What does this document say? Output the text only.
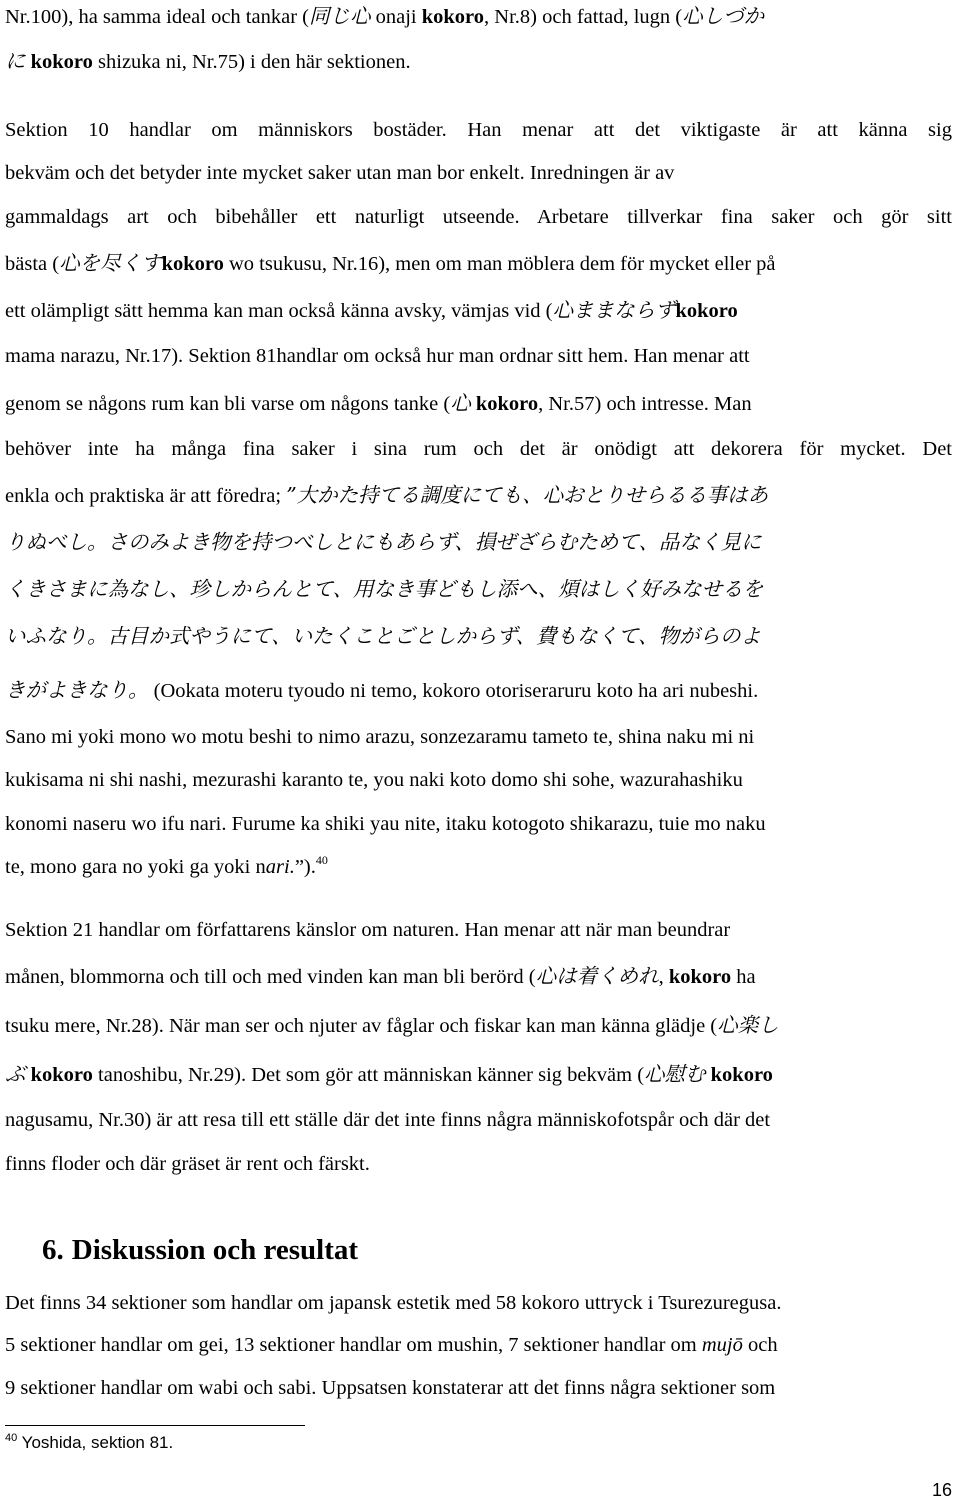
Nr.100), ha samma ideal och tankar (同じ心 onaji kokoro, Nr.8) och fattad, lugn (心しづか
に kokoro shizuka ni, Nr.75) i den här sektionen.
Sektion 10 handlar om människors bostäder. Han menar att det viktigaste är att känna sig
bekväm och det betyder inte mycket saker utan man bor enkelt. Inredningen är av
gammaldags art och bibehåller ett naturligt utseende. Arbetare tillverkar fina saker och gör sitt
bästa (心を尽くすkokoro wo tsukusu, Nr.16), men om man möblera dem för mycket eller på
ett olämpligt sätt hemma kan man också känna avsky, vämjas vid (心ままならずkokoro
mama narazu, Nr.17). Sektion 81handlar om också hur man ordnar sitt hem. Han menar att
genom se någons rum kan bli varse om någons tanke (心 kokoro, Nr.57) och intresse. Man
behöver inte ha många fina saker i sina rum och det är onödigt att dekorera för mycket. Det
enkla och praktiska är att föredra; ”大かた持てる調度にても、心おとりせらるる事はあ
りぬべし。さのみよき物を持つべしとにもあらず、損ぜざらむためて、品なく見に
くきさまに為なし、珍しからんとて、用なき事どもし添へ、煩はしく好みなせるを
いふなり。古目か式やうにて、いたくことごとしからず、費もなくて、物がらのよ
きがよきなり。 (Ookata moteru tyoudo ni temo, kokoro otoriseraruru koto ha ari nubeshi.
Sano mi yoki mono wo motu beshi to nimo arazu, sonzezaramu tameto te, shina naku mi ni
kukisama ni shi nashi, mezurashi karanto te, you naki koto domo shi sohe, wazurahashiku
konomi naseru wo ifu nari. Furume ka shiki yau nite, itaku kotogoto shikarazu, tuie mo naku
te, mono gara no yoki ga yoki nari.”).$^{40}$
Sektion 21 handlar om författarens känslor om naturen. Han menar att när man beundrar
månen, blommorna och till och med vinden kan man bli berörd (心は着くめれ, kokoro ha
tsuku mere, Nr.28). När man ser och njuter av fåglar och fiskar kan man känna glädje (心楽し
ぶ kokoro tanoshibu, Nr.29). Det som gör att människan känner sig bekväm (心慰む kokoro
nagusamu, Nr.30) är att resa till ett ställe där det inte finns några människofotspår och där det
finns floder och där gräset är rent och färskt.
6. Diskussion och resultat
Det finns 34 sektioner som handlar om japansk estetik med 58 kokoro uttryck i Tsurezuregusa.
5 sektioner handlar om gei, 13 sektioner handlar om mushin, 7 sektioner handlar om mujō och
9 sektioner handlar om wabi och sabi. Uppsatsen konstaterar att det finns några sektioner som
$^{40}$ Yoshida, sektion 81.
16
